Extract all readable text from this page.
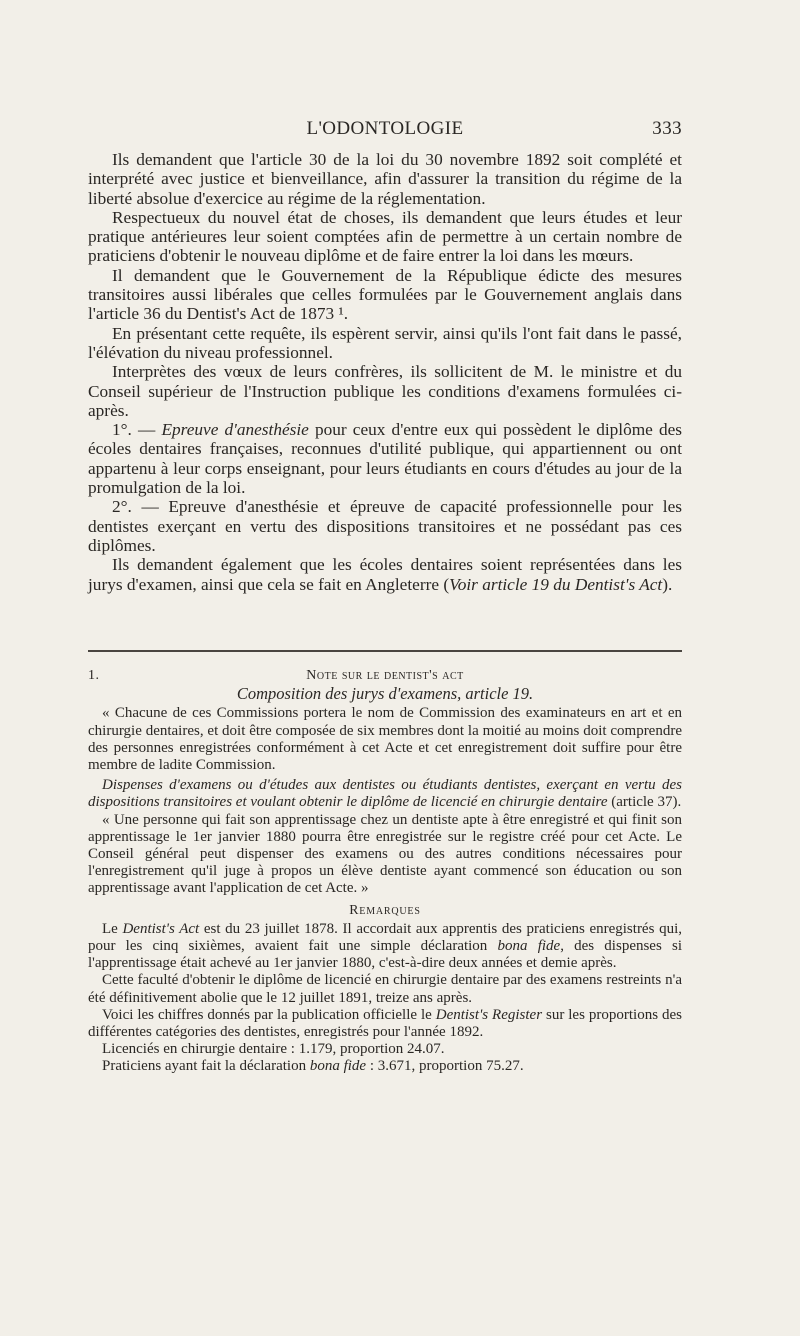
L'ODONTOLOGIE	333

Ils demandent que l'article 30 de la loi du 30 novembre 1892 soit complété et interprété avec justice et bienveillance, afin d'assurer la transition du régime de la liberté absolue d'exercice au régime de la réglementation.

Respectueux du nouvel état de choses, ils demandent que leurs études et leur pratique antérieures leur soient comptées afin de permettre à un certain nombre de praticiens d'obtenir le nouveau diplôme et de faire entrer la loi dans les mœurs.

Il demandent que le Gouvernement de la République édicte des mesures transitoires aussi libérales que celles formulées par le Gouvernement anglais dans l'article 36 du Dentist's Act de 1873 ¹.

En présentant cette requête, ils espèrent servir, ainsi qu'ils l'ont fait dans le passé, l'élévation du niveau professionnel.

Interprètes des vœux de leurs confrères, ils sollicitent de M. le ministre et du Conseil supérieur de l'Instruction publique les conditions d'examens formulées ci-après.

1°. — Epreuve d'anesthésie pour ceux d'entre eux qui possèdent le diplôme des écoles dentaires françaises, reconnues d'utilité publique, qui appartiennent ou ont appartenu à leur corps enseignant, pour leurs étudiants en cours d'études au jour de la promulgation de la loi.

2°. — Epreuve d'anesthésie et épreuve de capacité professionnelle pour les dentistes exerçant en vertu des dispositions transitoires et ne possédant pas ces diplômes.

Ils demandent également que les écoles dentaires soient représentées dans les jurys d'examen, ainsi que cela se fait en Angleterre (Voir article 19 du Dentist's Act).

1.	Note sur le dentist's act

Composition des jurys d'examens, article 19.

« Chacune de ces Commissions portera le nom de Commission des examinateurs en art et en chirurgie dentaires, et doit être composée de six membres dont la moitié au moins doit comprendre des personnes enregistrées conformément à cet Acte et cet enregistrement doit suffire pour être membre de ladite Commission.

Dispenses d'examens ou d'études aux dentistes ou étudiants dentistes, exerçant en vertu des dispositions transitoires et voulant obtenir le diplôme de licencié en chirurgie dentaire (article 37).

« Une personne qui fait son apprentissage chez un dentiste apte à être enregistré et qui finit son apprentissage le 1er janvier 1880 pourra être enregistrée sur le registre créé pour cet Acte. Le Conseil général peut dispenser des examens ou des autres conditions nécessaires pour l'enregistrement qu'il juge à propos un élève dentiste ayant commencé son éducation ou son apprentissage avant l'application de cet Acte. »

Remarques

Le Dentist's Act est du 23 juillet 1878. Il accordait aux apprentis des praticiens enregistrés qui, pour les cinq sixièmes, avaient fait une simple déclaration bona fide, des dispenses si l'apprentissage était achevé au 1er janvier 1880, c'est-à-dire deux années et demie après.

Cette faculté d'obtenir le diplôme de licencié en chirurgie dentaire par des examens restreints n'a été définitivement abolie que le 12 juillet 1891, treize ans après.

Voici les chiffres donnés par la publication officielle le Dentist's Register sur les proportions des différentes catégories des dentistes, enregistrés pour l'année 1892.

Licenciés en chirurgie dentaire : 1.179, proportion 24.07.

Praticiens ayant fait la déclaration bona fide : 3.671, proportion 75.27.
